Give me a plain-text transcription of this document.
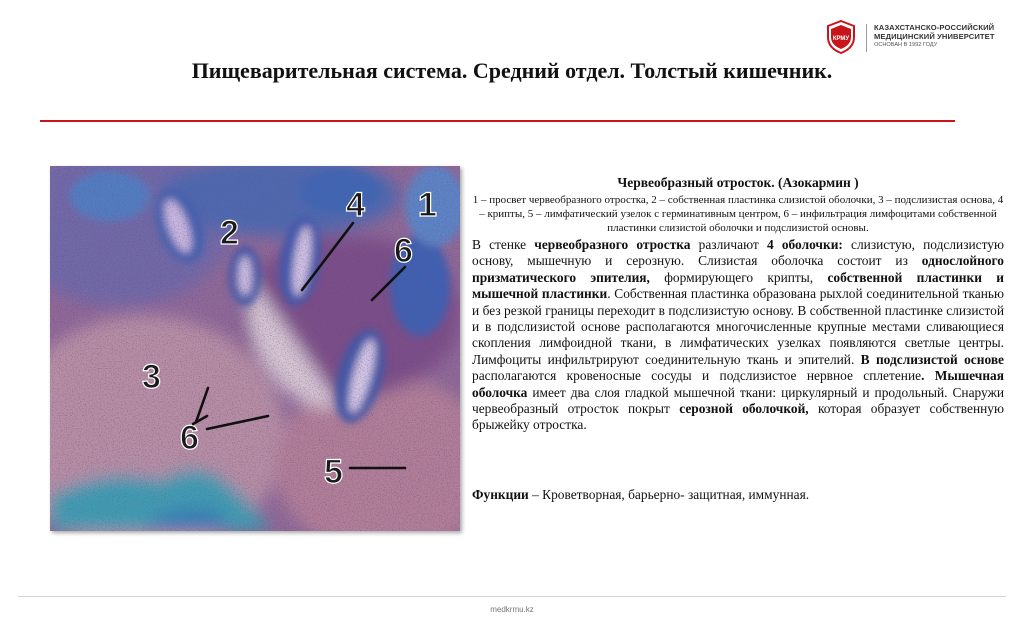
КРМУ
КАЗАХСТАНСКО-РОССИЙСКИЙ
МЕДИЦИНСКИЙ УНИВЕРСИТЕТ
ОСНОВАН В 1992 ГОДУ
Пищеварительная система. Средний отдел. Толстый кишечник.
1
2
3
4
5
6
6

Червеобразный отросток. (Азокармин )

1 – просвет червеобразного отростка, 2 – собственная пластинка слизистой оболочки, 3 – подслизистая основа, 4 – крипты, 5 – лимфатический узелок с герминативным центром, 6 – инфильтрация лимфоцитами собственной пластинки слизистой оболочки и подслизистой основы.

В стенке червеобразного отростка различают 4 оболочки: слизистую, подслизистую основу, мышечную и серозную. Слизистая оболочка состоит из однослойного призматического эпителия, формирующего крипты, собственной пластинки и мышечной пластинки. Собственная пластинка образована рыхлой соединительной тканью и без резкой границы переходит в подслизистую основу. В собственной пластинке слизистой и в подслизистой основе располагаются многочисленные крупные местами сливающиеся скопления лимфоидной ткани, в лимфатических узелках появляются светлые центры. Лимфоциты инфильтрируют соединительную ткань и эпителий. В подслизистой основе располагаются кровеносные сосуды и подслизистое нервное сплетение. Мышечная оболочка имеет два слоя гладкой мышечной ткани: циркулярный и продольный. Снаружи червеобразный отросток покрыт серозной оболочкой, которая образует собственную брыжейку отростка.

Функции – Кроветворная, барьерно- защитная, иммунная.

medkrmu.kz
